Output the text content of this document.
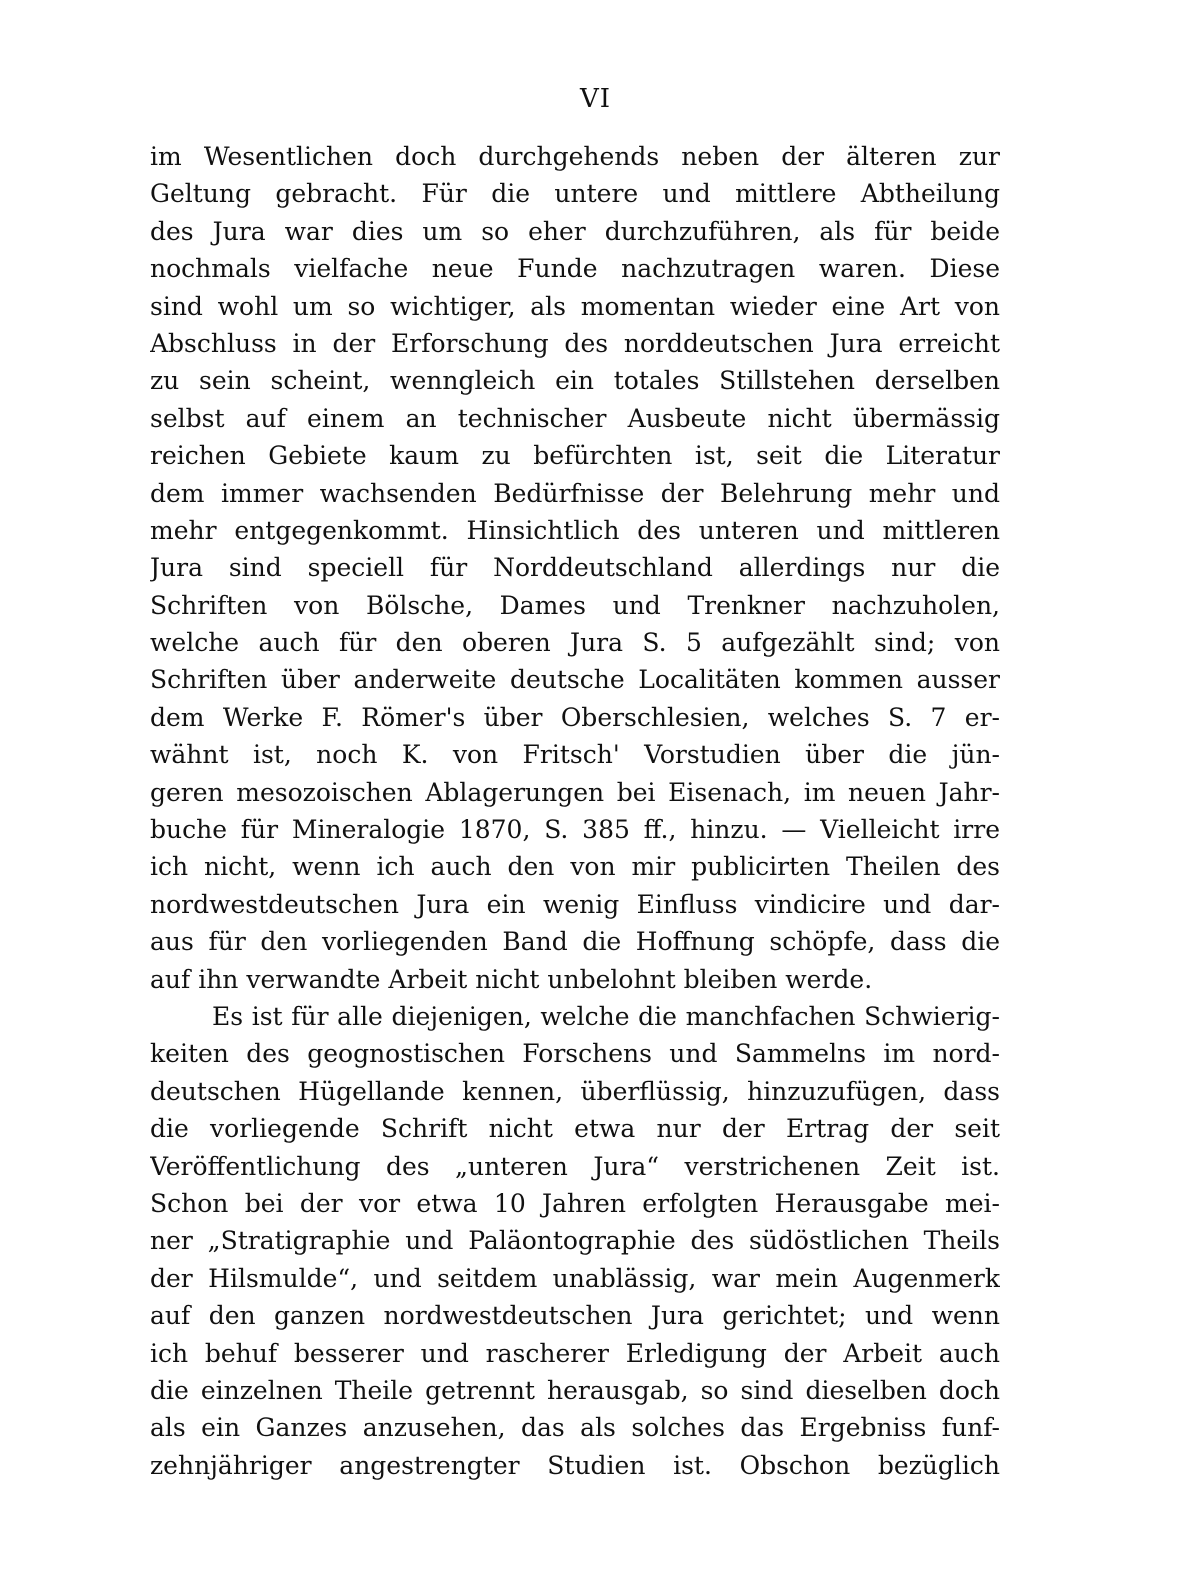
VI
im Wesentlichen doch durchgehends neben der älteren zur
Geltung gebracht. Für die untere und mittlere Abtheilung
des Jura war dies um so eher durchzuführen, als für beide
nochmals vielfache neue Funde nachzutragen waren. Diese
sind wohl um so wichtiger, als momentan wieder eine Art von
Abschluss in der Erforschung des norddeutschen Jura erreicht
zu sein scheint, wenngleich ein totales Stillstehen derselben
selbst auf einem an technischer Ausbeute nicht übermässig
reichen Gebiete kaum zu befürchten ist, seit die Literatur
dem immer wachsenden Bedürfnisse der Belehrung mehr und
mehr entgegenkommt. Hinsichtlich des unteren und mittleren
Jura sind speciell für Norddeutschland allerdings nur die
Schriften von Bölsche, Dames und Trenkner nachzuholen,
welche auch für den oberen Jura S. 5 aufgezählt sind; von
Schriften über anderweite deutsche Localitäten kommen ausser
dem Werke F. Römer's über Oberschlesien, welches S. 7 er-
wähnt ist, noch K. von Fritsch' Vorstudien über die jün-
geren mesozoischen Ablagerungen bei Eisenach, im neuen Jahr-
buche für Mineralogie 1870, S. 385 ff., hinzu. — Vielleicht irre
ich nicht, wenn ich auch den von mir publicirten Theilen des
nordwestdeutschen Jura ein wenig Einfluss vindicire und dar-
aus für den vorliegenden Band die Hoffnung schöpfe, dass die
auf ihn verwandte Arbeit nicht unbelohnt bleiben werde.
Es ist für alle diejenigen, welche die manchfachen Schwierig-
keiten des geognostischen Forschens und Sammelns im nord-
deutschen Hügellande kennen, überflüssig, hinzuzufügen, dass
die vorliegende Schrift nicht etwa nur der Ertrag der seit
Veröffentlichung des „unteren Jura“ verstrichenen Zeit ist.
Schon bei der vor etwa 10 Jahren erfolgten Herausgabe mei-
ner „Stratigraphie und Paläontographie des südöstlichen Theils
der Hilsmulde“, und seitdem unablässig, war mein Augenmerk
auf den ganzen nordwestdeutschen Jura gerichtet; und wenn
ich behuf besserer und rascherer Erledigung der Arbeit auch
die einzelnen Theile getrennt herausgab, so sind dieselben doch
als ein Ganzes anzusehen, das als solches das Ergebniss funf-
zehnjähriger angestrengter Studien ist. Obschon bezüglich
